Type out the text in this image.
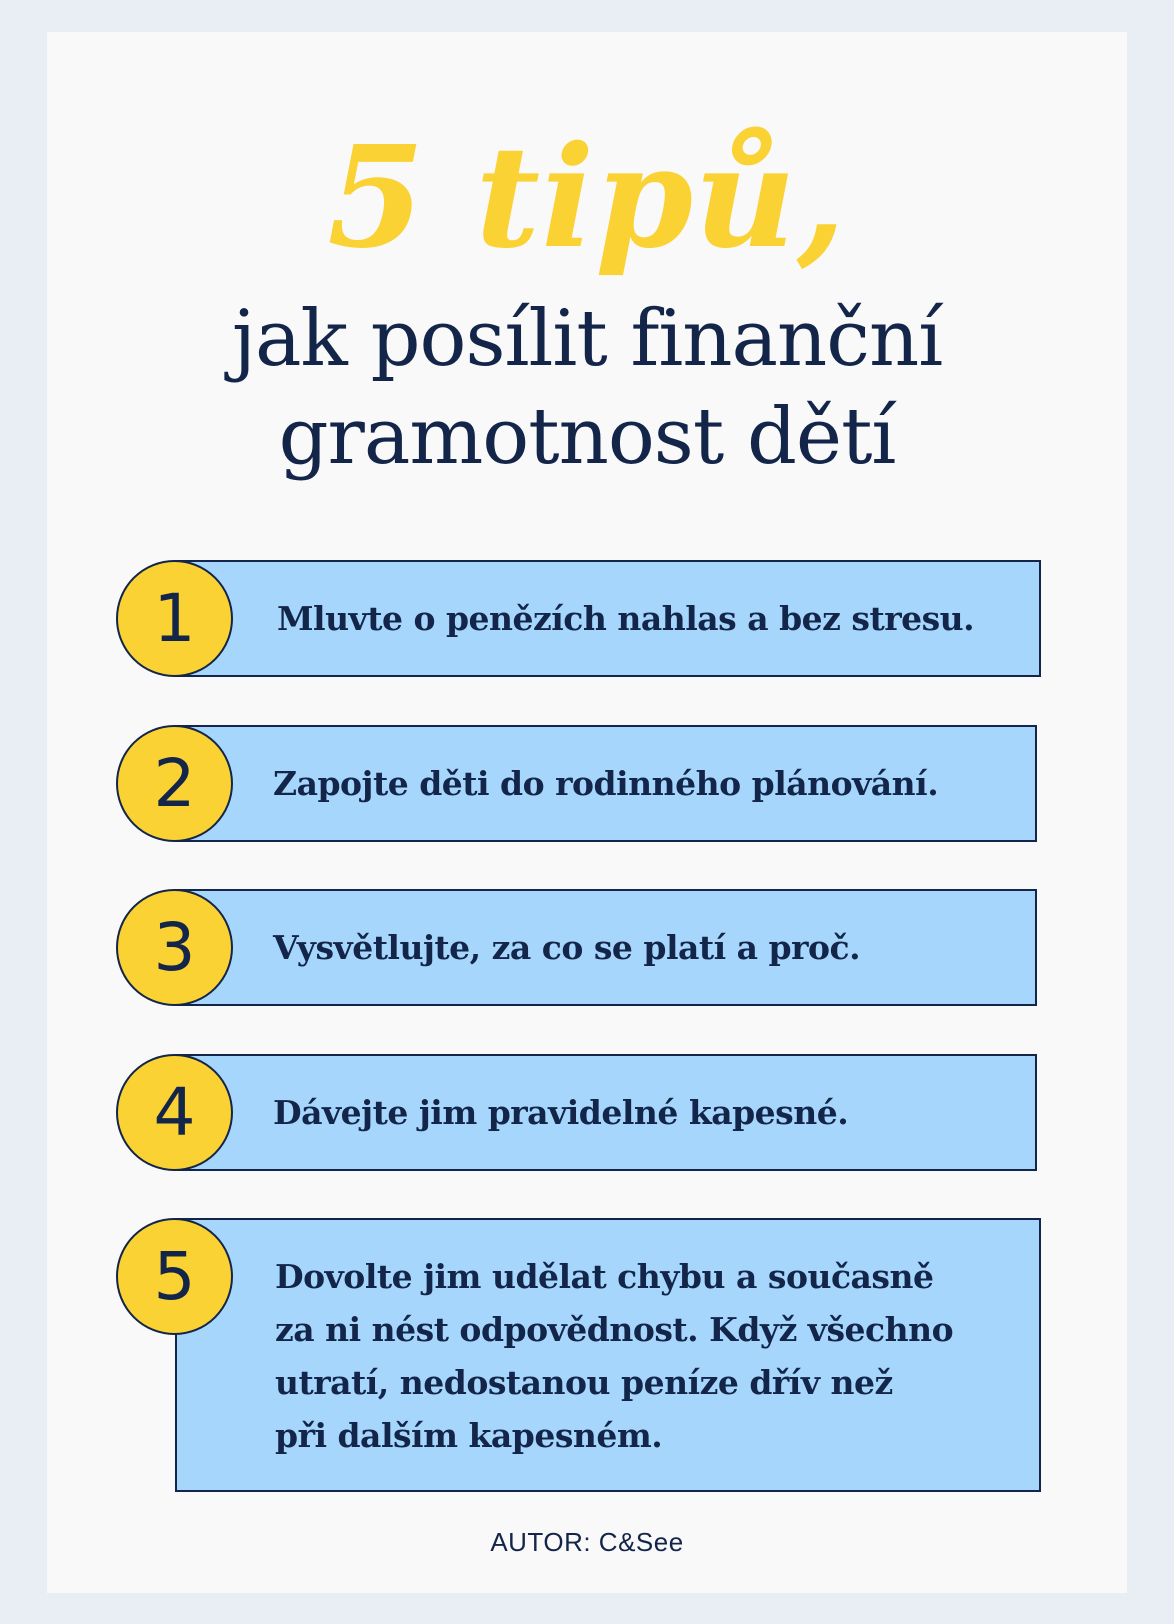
5 tipů,
jak posílit finanční
gramotnost dětí
Mluvte o penězích nahlas a bez stresu.
1
Zapojte děti do rodinného plánování.
2
Vysvětlujte, za co se platí a proč.
3
Dávejte jim pravidelné kapesné.
4
Dovolte jim udělat chybu a současně
za ni nést odpovědnost. Když všechno
utratí, nedostanou peníze dřív než
při dalším kapesném.
5
AUTOR: C&See
